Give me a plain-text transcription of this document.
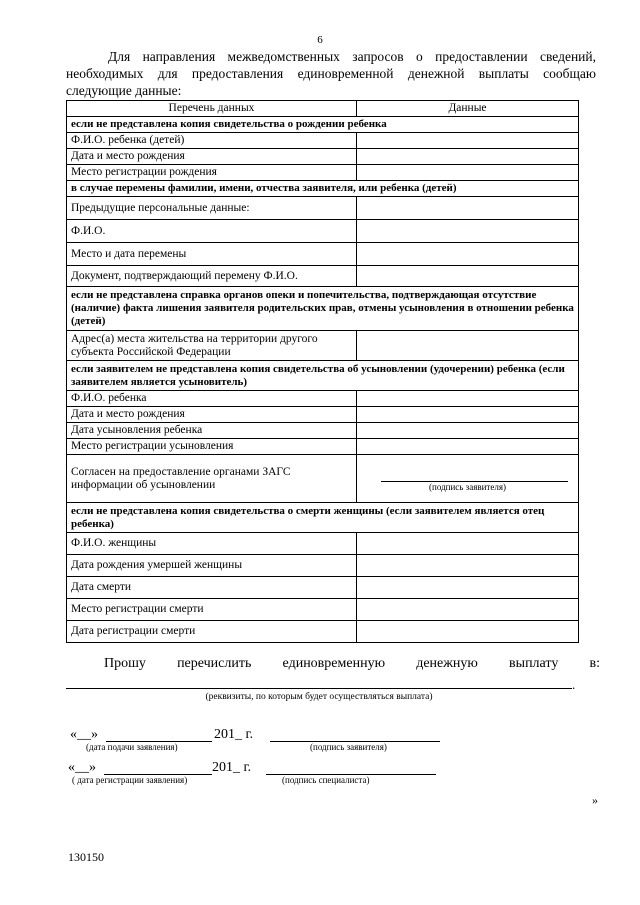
6

Для направления межведомственных запросов о предоставлении сведений, необходимых для предоставления единовременной денежной выплаты сообщаю следующие данные:

Перечень данных	Данные
если не представлена копия свидетельства о рождении ребенка	
Ф.И.О. ребенка (детей)	
Дата и место рождения	
Место регистрации рождения	
в случае перемены фамилии, имени, отчества заявителя, или ребенка (детей)	
Предыдущие персональные данные:	
Ф.И.О.	
Место и дата перемены	
Документ, подтверждающий перемену Ф.И.О.	
если не представлена справка органов опеки и попечительства, подтверждающая отсутствие (наличие) факта лишения заявителя родительских прав, отмены усыновления в отношении ребенка (детей)	
Адрес(а) места жительства на территории другого субъекта Российской Федерации	
если заявителем не представлена копия свидетельства об усыновлении (удочерении) ребенка (если заявителем является усыновитель)	
Ф.И.О. ребенка	
Дата и место рождения	
Дата усыновления ребенка	
Место регистрации усыновления	
Согласен на предоставление органами ЗАГС информации об усыновлении	(подпись заявителя)

если не представлена копия свидетельства о смерти женщины (если заявителем является отец ребенка)	
Ф.И.О. женщины	
Дата рождения умершей женщины	
Дата смерти	
Место регистрации смерти	
Дата регистрации смерти	
Прошу перечислить единовременную денежную выплату в:
.
(реквизиты, по которым будет осуществляться выплата)
«__»	201_ г.
(дата подачи заявления)	(подпись заявителя)
«__»	201_ г.
( дата регистрации заявления)	(подпись специалиста)
»
130150
